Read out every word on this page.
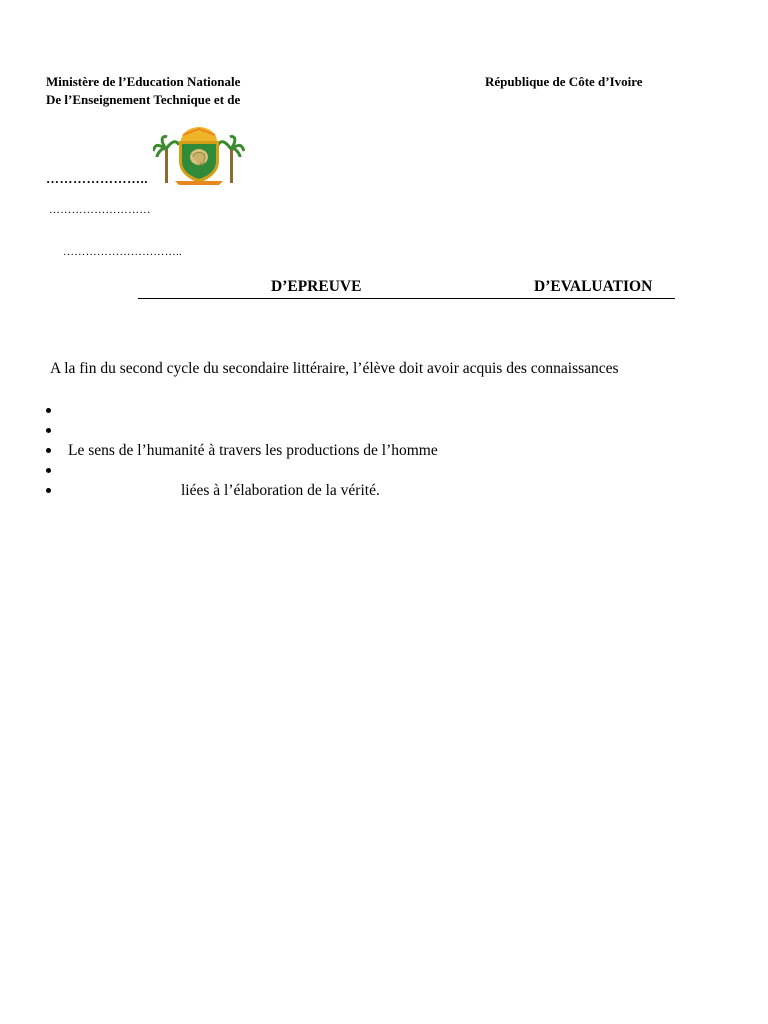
Ministère de l’Education Nationale
De l’Enseignement Technique et de
République de Côte d’Ivoire
…………………..
………………………
…………………………..
D’EPREUVE	D’EVALUATION
A la fin du second cycle du secondaire littéraire, l’élève doit avoir acquis des connaissances
Le sens de l’humanité à travers les productions de l’homme
liées à l’élaboration de la vérité.
